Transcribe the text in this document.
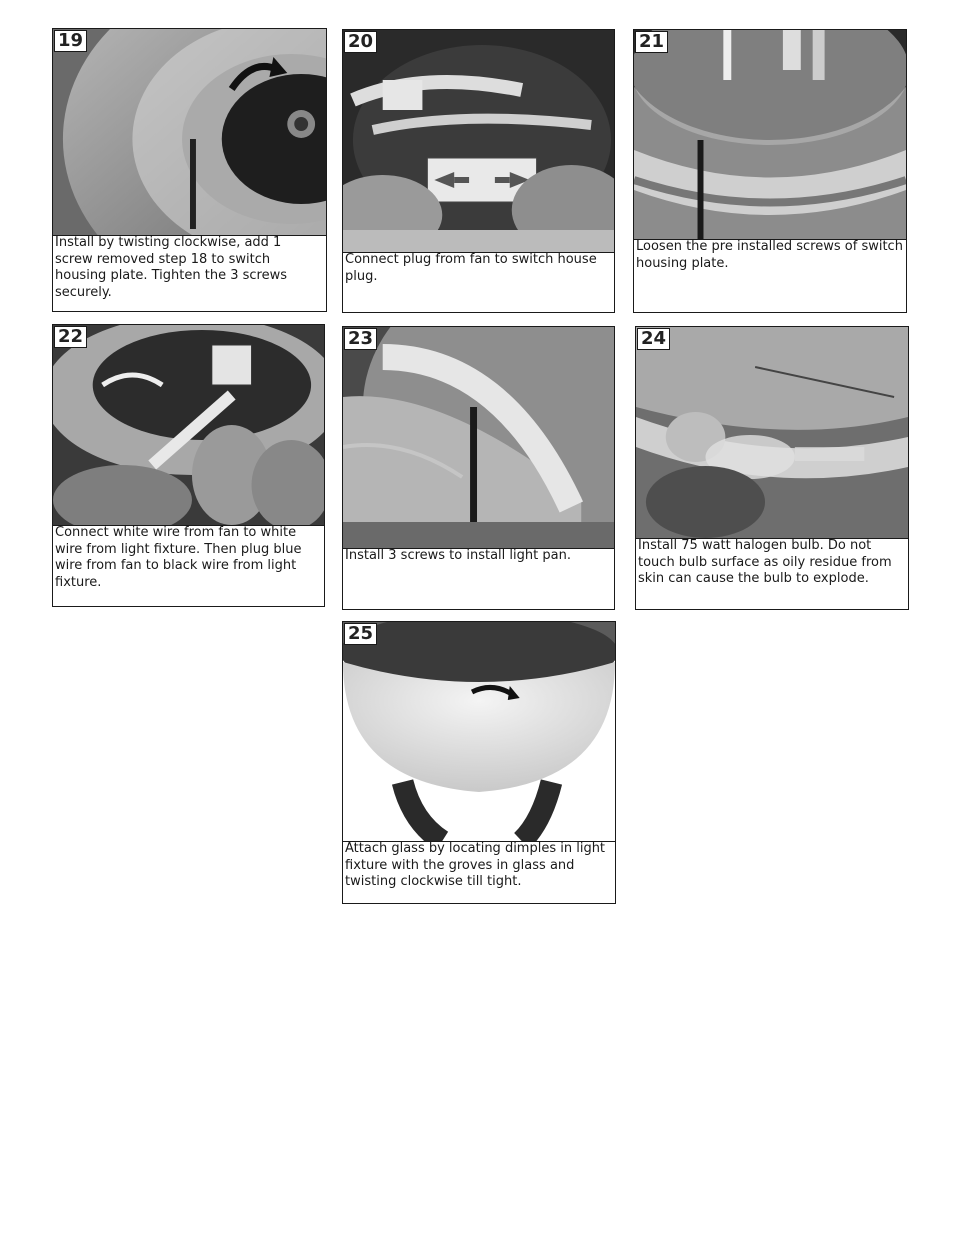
19
Install by twisting clockwise, add 1 screw removed step 18 to switch housing plate. Tighten the 3 screws securely.
20
Connect plug from fan to switch house plug.
21
Loosen the pre installed screws of switch housing plate.
22
Connect white wire from fan to white wire from light fixture. Then plug blue wire from fan to black wire from light fixture.
23
Install 3 screws to install light pan.
24
Install 75 watt halogen bulb. Do not touch bulb surface as oily residue from skin can cause the bulb to explode.
25
Attach glass by locating dimples in light fixture with the groves in glass and twisting clockwise till tight.
